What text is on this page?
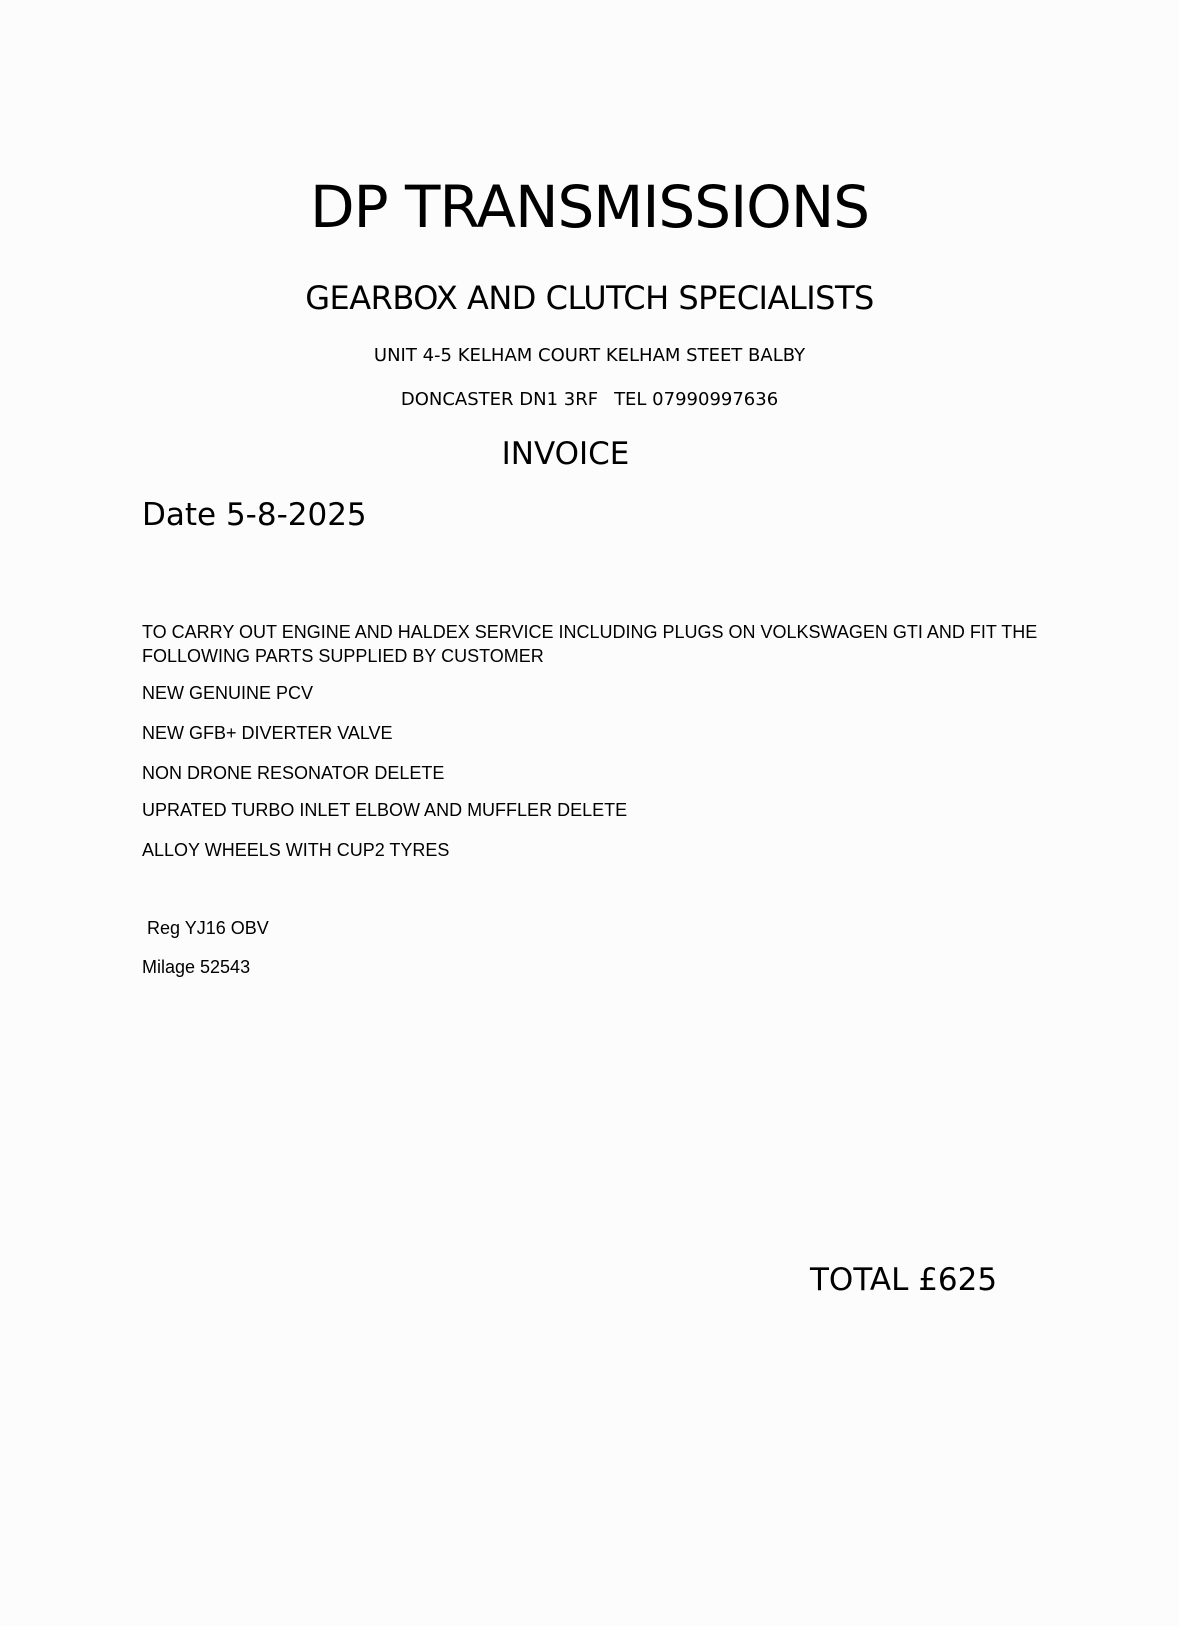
DP TRANSMISSIONS
GEARBOX AND CLUTCH SPECIALISTS
UNIT 4-5 KELHAM COURT KELHAM STEET BALBY
DONCASTER DN1 3RF TEL 07990997636
INVOICE
Date 5-8-2025
TO CARRY OUT ENGINE AND HALDEX SERVICE INCLUDING PLUGS ON VOLKSWAGEN GTI AND FIT THE FOLLOWING PARTS SUPPLIED BY CUSTOMER
NEW GENUINE PCV
NEW GFB+ DIVERTER VALVE
NON DRONE RESONATOR DELETE
UPRATED TURBO INLET ELBOW AND MUFFLER DELETE
ALLOY WHEELS WITH CUP2 TYRES
Reg YJ16 OBV
Milage 52543
TOTAL £625
